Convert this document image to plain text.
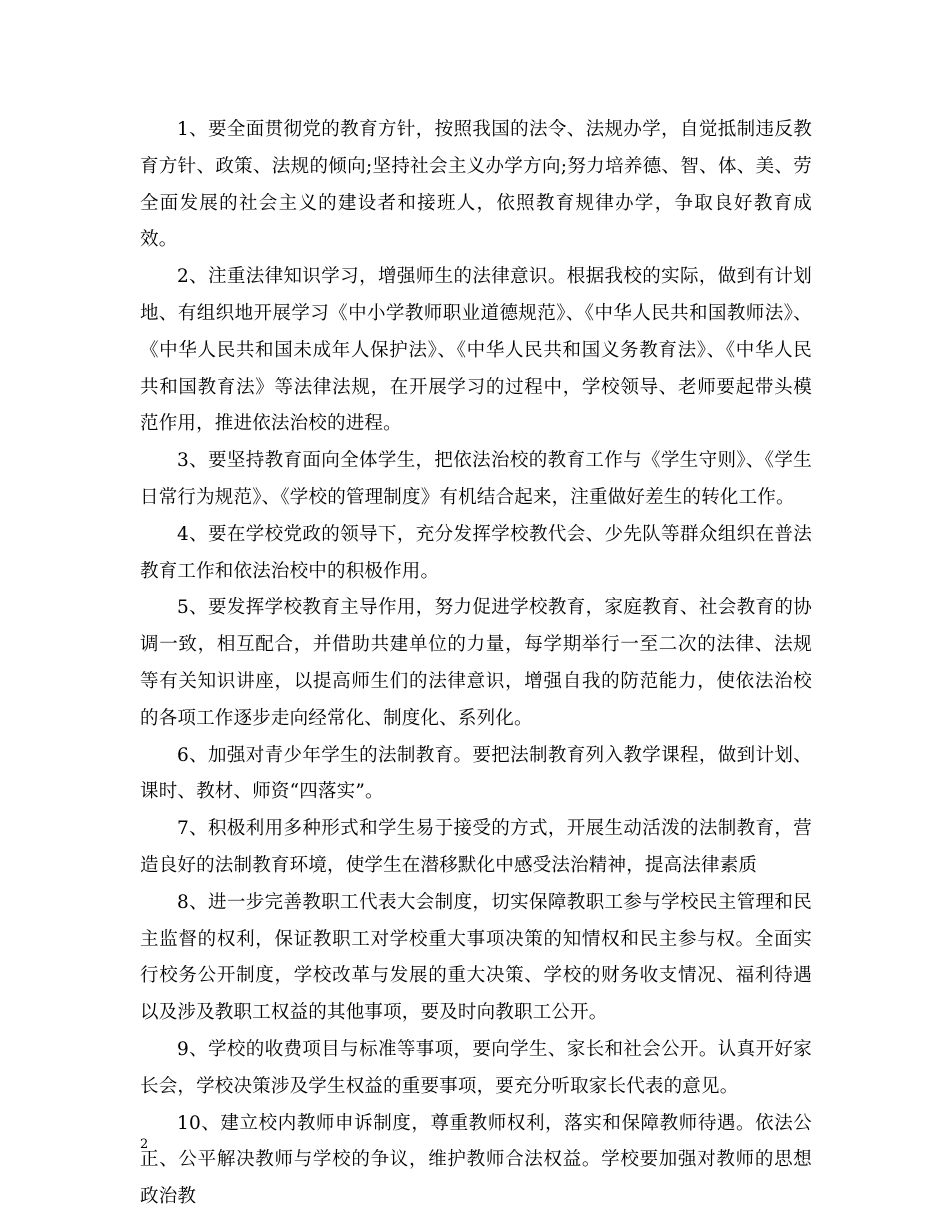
1、要全面贯彻党的教育方针，按照我国的法令、法规办学，自觉抵制违反教育方针、政策、法规的倾向;坚持社会主义办学方向;努力培养德、智、体、美、劳全面发展的社会主义的建设者和接班人，依照教育规律办学，争取良好教育成效。

2、注重法律知识学习，增强师生的法律意识。根据我校的实际，做到有计划地、有组织地开展学习《中小学教师职业道德规范》、《中华人民共和国教师法》、《中华人民共和国未成年人保护法》、《中华人民共和国义务教育法》、《中华人民共和国教育法》等法律法规，在开展学习的过程中，学校领导、老师要起带头模范作用，推进依法治校的进程。

3、要坚持教育面向全体学生，把依法治校的教育工作与《学生守则》、《学生日常行为规范》、《学校的管理制度》有机结合起来，注重做好差生的转化工作。

4、要在学校党政的领导下，充分发挥学校教代会、少先队等群众组织在普法教育工作和依法治校中的积极作用。

5、要发挥学校教育主导作用，努力促进学校教育，家庭教育、社会教育的协调一致，相互配合，并借助共建单位的力量，每学期举行一至二次的法律、法规等有关知识讲座，以提高师生们的法律意识，增强自我的防范能力，使依法治校的各项工作逐步走向经常化、制度化、系列化。

6、加强对青少年学生的法制教育。要把法制教育列入教学课程，做到计划、课时、教材、师资“四落实”。

7、积极利用多种形式和学生易于接受的方式，开展生动活泼的法制教育，营造良好的法制教育环境，使学生在潜移默化中感受法治精神，提高法律素质

8、进一步完善教职工代表大会制度，切实保障教职工参与学校民主管理和民主监督的权利，保证教职工对学校重大事项决策的知情权和民主参与权。全面实行校务公开制度，学校改革与发展的重大决策、学校的财务收支情况、福利待遇以及涉及教职工权益的其他事项，要及时向教职工公开。

9、学校的收费项目与标准等事项，要向学生、家长和社会公开。认真开好家长会，学校决策涉及学生权益的重要事项，要充分听取家长代表的意见。

10、建立校内教师申诉制度，尊重教师权利，落实和保障教师待遇。依法公正、公平解决教师与学校的争议，维护教师合法权益。学校要加强对教师的思想政治教

2
